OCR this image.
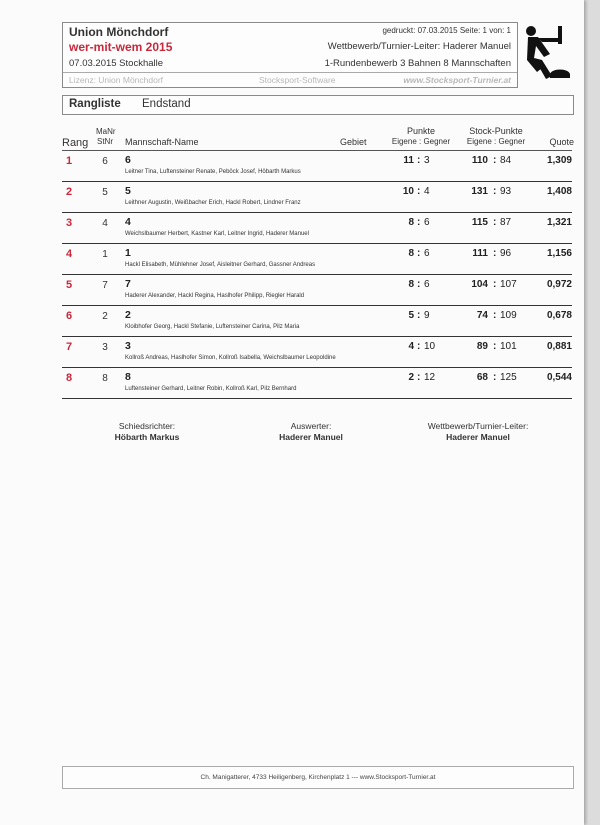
Union Mönchdorf
wer-mit-wem 2015
07.03.2015 Stockhalle
gedruckt: 07.03.2015 Seite: 1 von: 1
Wettbewerb/Turnier-Leiter: Haderer Manuel
1-Rundenbewerb 3 Bahnen 8 Mannschaften
Lizenz: Union Mönchdorf	Stocksport-Software	www.Stocksport-Turnier.at
Rangliste Endstand
Rang
MaNr
StNr Mannschaft-Name	Gebiet
Punkte
Eigene : Gegner
Stock-Punkte
Eigene : Gegner	Quote
1	6	6
Leitner Tina, Luftensteiner Renate, Peböck Josef, Höbarth Markus
11 : 3	110 : 84	1,309
2	5	5
Leithner Augustin, Weißbacher Erich, Hackl Robert, Lindner Franz
10 : 4	131 : 93	1,408
3	4	4
Weichslbaumer Herbert, Kastner Karl, Leitner Ingrid, Haderer Manuel
8 : 6	115 : 87	1,321
4	1	1
Hackl Elisabeth, Mühlehner Josef, Aisleitner Gerhard, Gassner Andreas
8 : 6	111 : 96	1,156
5	7	7
Haderer Alexander, Hackl Regina, Haslhofer Philipp, Riegler Harald
8 : 6	104 : 107	0,972
6	2	2
Kloibhofer Georg, Hackl Stefanie, Luftensteiner Carina, Pilz Maria
5 : 9	74 : 109	0,678
7	3	3
Kollroß Andreas, Haslhofer Simon, Kollroß Isabella, Weichslbaumer Leopoldine
4 : 10	89 : 101	0,881
8	8	8
Luftensteiner Gerhard, Leitner Robin, Kollroß Karl, Pilz Bernhard
2 : 12	68 : 125	0,544
Schiedsrichter:
Höbarth Markus
Auswerter:
Haderer Manuel
Wettbewerb/Turnier-Leiter:
Haderer Manuel
Ch. Manigatterer, 4733 Heiligenberg, Kirchenplatz 1 --- www.Stocksport-Turnier.at
